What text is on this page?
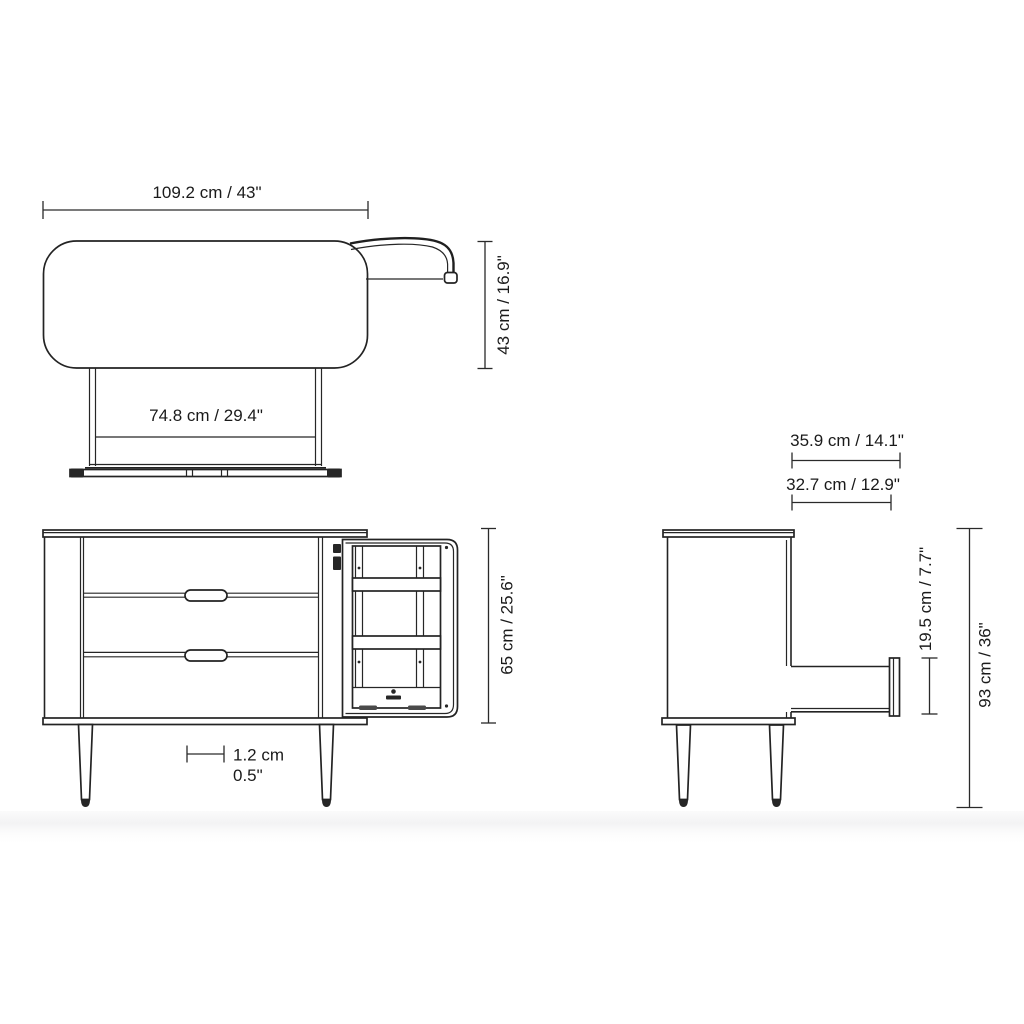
109.2 cm / 43"
74.8 cm / 29.4"
43 cm / 16.9"
65 cm / 25.6"
1.2 cm
0.5"
35.9 cm / 14.1"
32.7 cm / 12.9"
19.5 cm / 7.7"
93 cm / 36"
